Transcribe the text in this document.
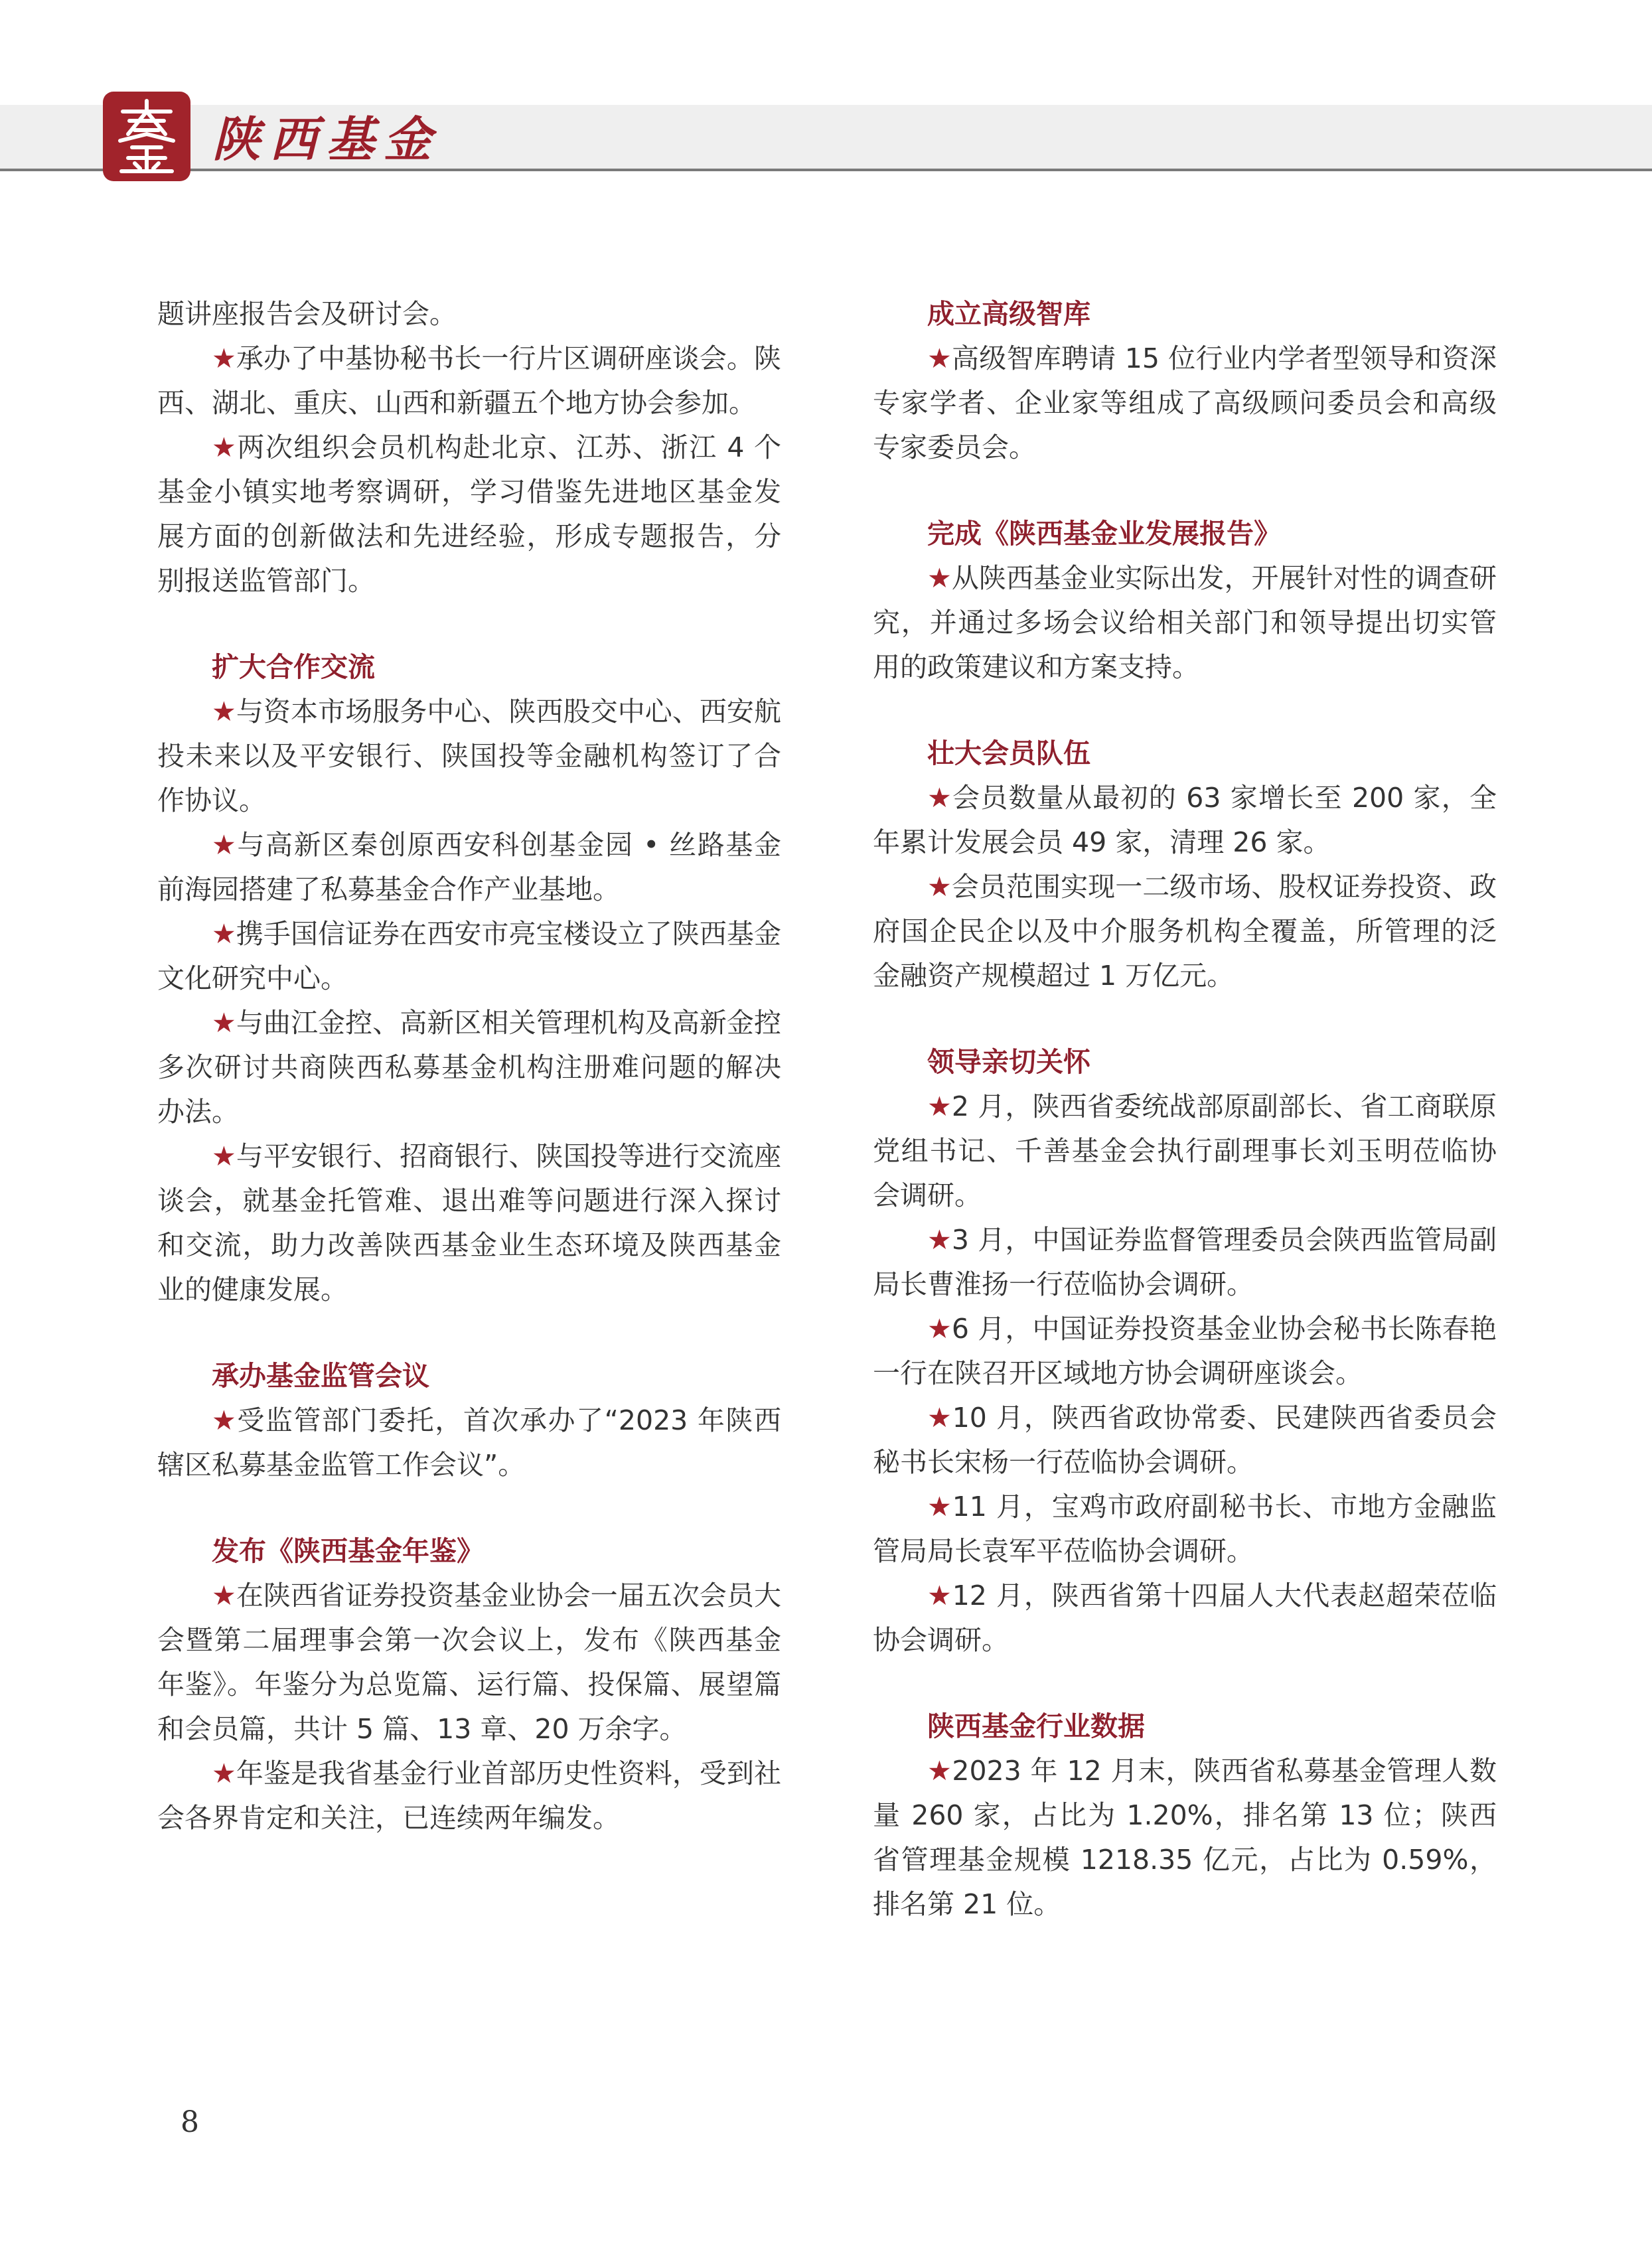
陕西基金

题讲座报告会及研讨会。

★承办了中基协秘书长一行片区调研座谈会。陕西、湖北、重庆、山西和新疆五个地方协会参加。

★两次组织会员机构赴北京、江苏、浙江 4 个基金小镇实地考察调研，学习借鉴先进地区基金发展方面的创新做法和先进经验，形成专题报告，分别报送监管部门。

扩大合作交流

★与资本市场服务中心、陕西股交中心、西安航投未来以及平安银行、陕国投等金融机构签订了合作协议。

★与高新区秦创原西安科创基金园 • 丝路基金前海园搭建了私募基金合作产业基地。

★携手国信证券在西安市亮宝楼设立了陕西基金文化研究中心。

★与曲江金控、高新区相关管理机构及高新金控多次研讨共商陕西私募基金机构注册难问题的解决办法。

★与平安银行、招商银行、陕国投等进行交流座谈会，就基金托管难、退出难等问题进行深入探讨和交流，助力改善陕西基金业生态环境及陕西基金业的健康发展。

承办基金监管会议

★受监管部门委托，首次承办了“2023 年陕西辖区私募基金监管工作会议”。

发布《陕西基金年鉴》

★在陕西省证券投资基金业协会一届五次会员大会暨第二届理事会第一次会议上，发布《陕西基金年鉴》。年鉴分为总览篇、运行篇、投保篇、展望篇和会员篇，共计 5 篇、13 章、20 万余字。

★年鉴是我省基金行业首部历史性资料，受到社会各界肯定和关注，已连续两年编发。

成立高级智库

★高级智库聘请 15 位行业内学者型领导和资深专家学者、企业家等组成了高级顾问委员会和高级专家委员会。

完成《陕西基金业发展报告》

★从陕西基金业实际出发，开展针对性的调查研究，并通过多场会议给相关部门和领导提出切实管用的政策建议和方案支持。

壮大会员队伍

★会员数量从最初的 63 家增长至 200 家，全年累计发展会员 49 家，清理 26 家。

★会员范围实现一二级市场、股权证券投资、政府国企民企以及中介服务机构全覆盖，所管理的泛金融资产规模超过 1 万亿元。

领导亲切关怀

★2 月，陕西省委统战部原副部长、省工商联原党组书记、千善基金会执行副理事长刘玉明莅临协会调研。

★3 月，中国证券监督管理委员会陕西监管局副局长曹淮扬一行莅临协会调研。

★6 月，中国证券投资基金业协会秘书长陈春艳一行在陕召开区域地方协会调研座谈会。

★10 月，陕西省政协常委、民建陕西省委员会秘书长宋杨一行莅临协会调研。

★11 月，宝鸡市政府副秘书长、市地方金融监管局局长袁军平莅临协会调研。

★12 月，陕西省第十四届人大代表赵超荣莅临协会调研。

陕西基金行业数据

★2023 年 12 月末，陕西省私募基金管理人数量 260 家，占比为 1.20%，排名第 13 位；陕西省管理基金规模 1218.35 亿元，占比为 0.59%，排名第 21 位。

8
